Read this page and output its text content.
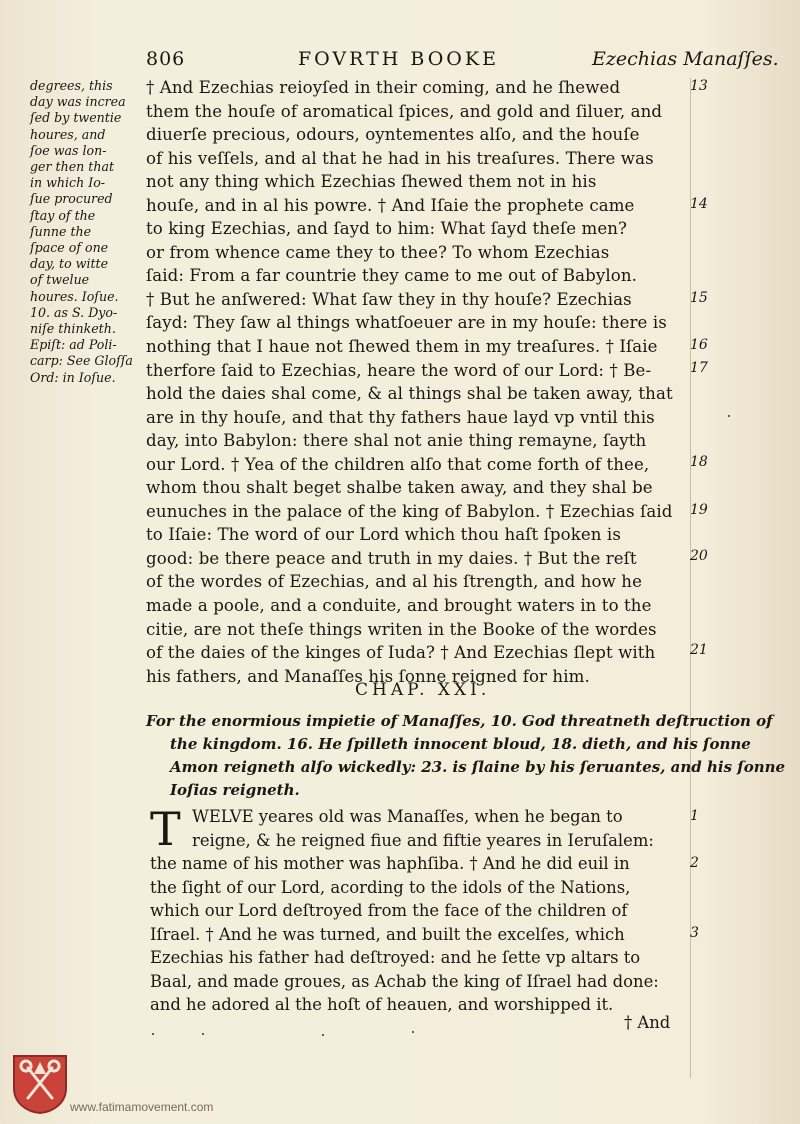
806	FOVRTH BOOKE	Ezechias Manaſſes.
degrees, this
day was increa
ſed by twentie
houres, and
ſoe was lon-
ger then that
in which Io-
ſue procured
ſtay of the
ſunne the
ſpace of one
day, to witte
of twelue
houres. Ioſue.
10. as S. Dyo-
niſe thinketh.
Epiſt: ad Poli-
carp: See Gloſſa
Ord: in Ioſue.
† And Ezechias reioyſed in their coming, and he ſhewed
them the houſe of aromatical ſpices, and gold and ſiluer, and
diuerſe precious, odours, oyntementes alſo, and the houſe
of his veſſels, and al that he had in his treaſures. There was
not any thing which Ezechias ſhewed them not in his
houſe, and in al his powre. † And Iſaie the prophete came
to king Ezechias, and ſayd to him: What ſayd theſe men?
or from whence came they to thee? To whom Ezechias
ſaid: From a far countrie they came to me out of Babylon.
† But he anſwered: What ſaw they in thy houſe? Ezechias
ſayd: They ſaw al things whatſoeuer are in my houſe: there is
nothing that I haue not ſhewed them in my treaſures. † Iſaie
therfore ſaid to Ezechias, heare the word of our Lord: † Be-
hold the daies shal come, & al things shal be taken away, that
are in thy houſe, and that thy fathers haue layd vp vntil this
day, into Babylon: there shal not anie thing remayne, ſayth
our Lord. † Yea of the children alſo that come forth of thee,
whom thou shalt beget shalbe taken away, and they shal be
eunuches in the palace of the king of Babylon. † Ezechias ſaid
to Iſaie: The word of our Lord which thou haſt ſpoken is
good: be there peace and truth in my daies. † But the reſt
of the wordes of Ezechias, and al his ſtrength, and how he
made a poole, and a conduite, and brought waters in to the
citie, are not theſe things writen in the Booke of the wordes
of the daies of the kinges of Iuda? † And Ezechias ſlept with
his fathers, and Manaſſes his ſonne reigned for him.
13
14
15
16
17
18
19
20
21
CHAP. XXI.
For the enormious impietie of Manaſſes, 10. God threatneth deſtruction of
the kingdom. 16. He ſpilleth innocent bloud, 18. dieth, and his ſonne
Amon reigneth alſo wickedly: 23. is ſlaine by his ſeruantes, and his ſonne
Ioſias reigneth.
T WELVE yeares old was Manaſſes, when he began to
reigne, & he reigned fiue and fiftie yeares in Ieruſalem:
the name of his mother was haphſiba. † And he did euil in
the ſight of our Lord, acording to the idols of the Nations,
which our Lord deſtroyed from the face of the children of
Iſrael. † And he was turned, and built the excelſes, which
Ezechias his father had deſtroyed: and he ſette vp altars to
Baal, and made groues, as Achab the king of Iſrael had done:
and he adored al the hoſt of heauen, and worshipped it.
1
2
3
† And
www.fatimamovement.com
